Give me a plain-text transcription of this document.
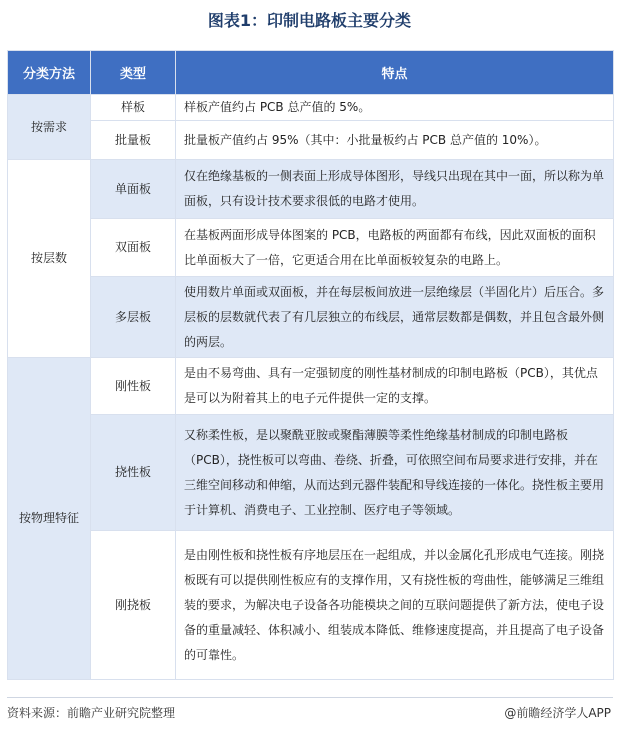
图表1：印制电路板主要分类
分类方法	类型	特点
按需求	样板	样板产值约占 PCB 总产值的 5%。
	批量板	批量板产值约占 95%（其中：小批量板约占 PCB 总产值的 10%）。
按层数	单面板	仅在绝缘基板的一侧表面上形成导体图形，导线只出现在其中一面，所以称为单面板，只有设计技术要求很低的电路才使用。
	双面板	在基板两面形成导体图案的 PCB，电路板的两面都有布线，因此双面板的面积比单面板大了一倍，它更适合用在比单面板较复杂的电路上。
	多层板	使用数片单面或双面板，并在每层板间放进一层绝缘层（半固化片）后压合。多层板的层数就代表了有几层独立的布线层，通常层数都是偶数，并且包含最外侧的两层。
按物理特征	刚性板	是由不易弯曲、具有一定强韧度的刚性基材制成的印制电路板（PCB），其优点是可以为附着其上的电子元件提供一定的支撑。
	挠性板	又称柔性板，是以聚酰亚胺或聚酯薄膜等柔性绝缘基材制成的印制电路板（PCB），挠性板可以弯曲、卷绕、折叠，可依照空间布局要求进行安排，并在三维空间移动和伸缩，从而达到元器件装配和导线连接的一体化。挠性板主要用于计算机、消费电子、工业控制、医疗电子等领域。
	刚挠板	是由刚性板和挠性板有序地层压在一起组成，并以金属化孔形成电气连接。刚挠板既有可以提供刚性板应有的支撑作用，又有挠性板的弯曲性，能够满足三维组装的要求，为解决电子设备各功能模块之间的互联问题提供了新方法，使电子设备的重量减轻、体积减小、组装成本降低、维修速度提高，并且提高了电子设备的可靠性。
资料来源：前瞻产业研究院整理	@前瞻经济学人APP
